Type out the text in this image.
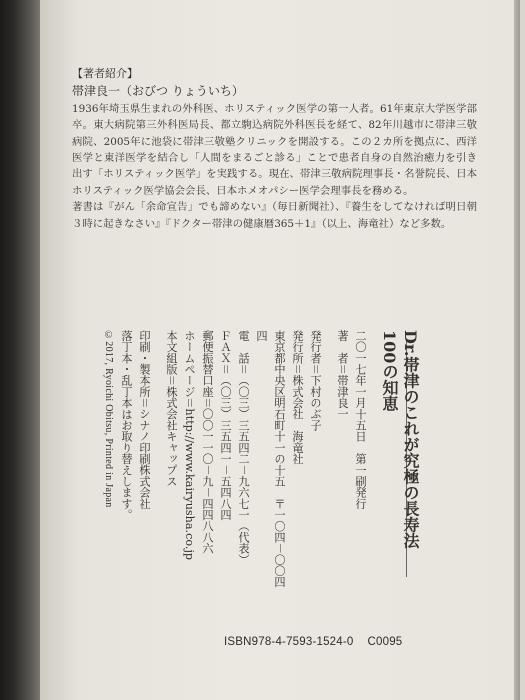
【著者紹介】
帯津良一（おびつ りょういち）

1936年埼玉県生まれの外科医、ホリスティック医学の第一人者。61年東京大学医学部卒。東大病院第三外科医局長、都立駒込病院外科医長を経て、82年川越市に帯津三敬病院、2005年に池袋に帯津三敬塾クリニックを開設する。この２カ所を拠点に、西洋医学と東洋医学を結合し「人間をまるごと診る」ことで患者自身の自然治癒力を引き出す「ホリスティック医学」を実践する。現在、帯津三敬病院理事長・名誉院長、日本ホリスティック医学協会会長、日本ホメオパシー医学会理事長を務める。

著書は『がん「余命宣告」でも諦めない』（毎日新聞社）、『養生をしてなければ明日朝３時に起きなさい』『ドクター帯津の健康暦365＋1』（以上、海竜社）など多数。

Dr.帯津のこれが究極の長寿法
100の知恵
二〇一七年一月十五日　第一刷発行
著　者＝帯津良一
発行者＝下村のぶ子
発行所＝株式会社　海竜社
東京都中央区明石町十一の十五　〒一〇四－〇〇四四
電　話＝（〇三）三五四二－九六七一（代表）
ＦＡＸ＝（〇三）三五四一－五四八四
郵便振替口座＝〇〇一一〇－九－四四八八六
ホームページ＝http://www.kairyusha.co.jp
本文組版＝株式会社キャップス
印刷・製本所＝シナノ印刷株式会社
落丁本・乱丁本はお取り替えします。
©2017, Ryoichi Obitsu, Printed in Japan
ISBN978-4-7593-1524-0 C0095
